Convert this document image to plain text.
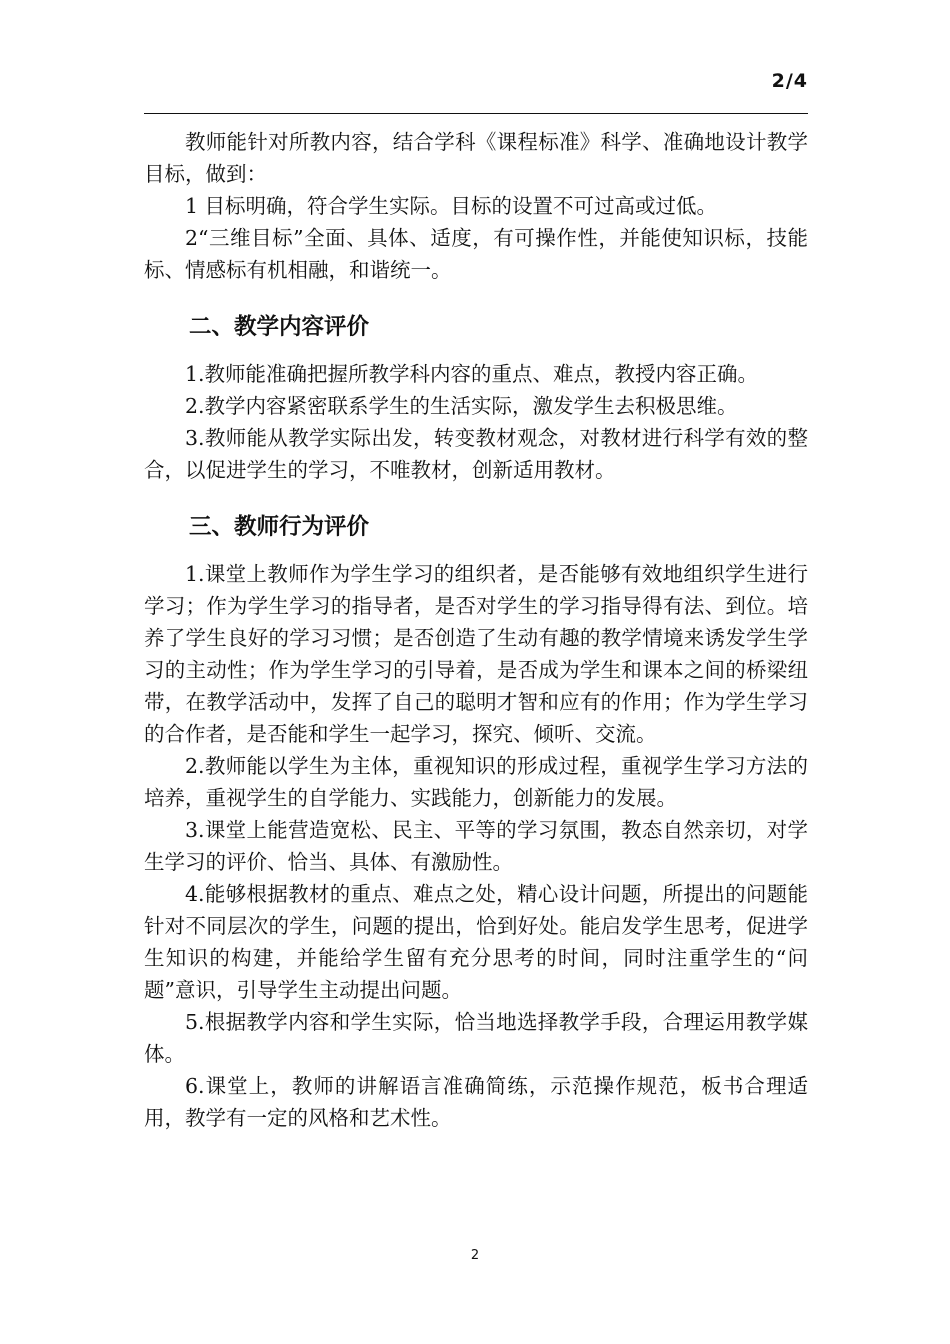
2/4

教师能针对所教内容，结合学科《课程标准》科学、准确地设计教学目标，做到：

1 目标明确，符合学生实际。目标的设置不可过高或过低。

2“三维目标”全面、具体、适度，有可操作性，并能使知识标，技能标、情感标有机相融，和谐统一。

二、教学内容评价

1.教师能准确把握所教学科内容的重点、难点，教授内容正确。

2.教学内容紧密联系学生的生活实际，激发学生去积极思维。

3.教师能从教学实际出发，转变教材观念，对教材进行科学有效的整合，以促进学生的学习，不唯教材，创新适用教材。

三、教师行为评价

1.课堂上教师作为学生学习的组织者，是否能够有效地组织学生进行学习；作为学生学习的指导者，是否对学生的学习指导得有法、到位。培养了学生良好的学习习惯；是否创造了生动有趣的教学情境来诱发学生学习的主动性；作为学生学习的引导着，是否成为学生和课本之间的桥梁纽带，在教学活动中，发挥了自己的聪明才智和应有的作用；作为学生学习的合作者，是否能和学生一起学习，探究、倾听、交流。

2.教师能以学生为主体，重视知识的形成过程，重视学生学习方法的培养，重视学生的自学能力、实践能力，创新能力的发展。

3.课堂上能营造宽松、民主、平等的学习氛围，教态自然亲切，对学生学习的评价、恰当、具体、有激励性。

4.能够根据教材的重点、难点之处，精心设计问题，所提出的问题能针对不同层次的学生，问题的提出，恰到好处。能启发学生思考，促进学生知识的构建，并能给学生留有充分思考的时间，同时注重学生的“问题”意识，引导学生主动提出问题。

5.根据教学内容和学生实际，恰当地选择教学手段，合理运用教学媒体。

6.课堂上，教师的讲解语言准确简练，示范操作规范，板书合理适用，教学有一定的风格和艺术性。

2
